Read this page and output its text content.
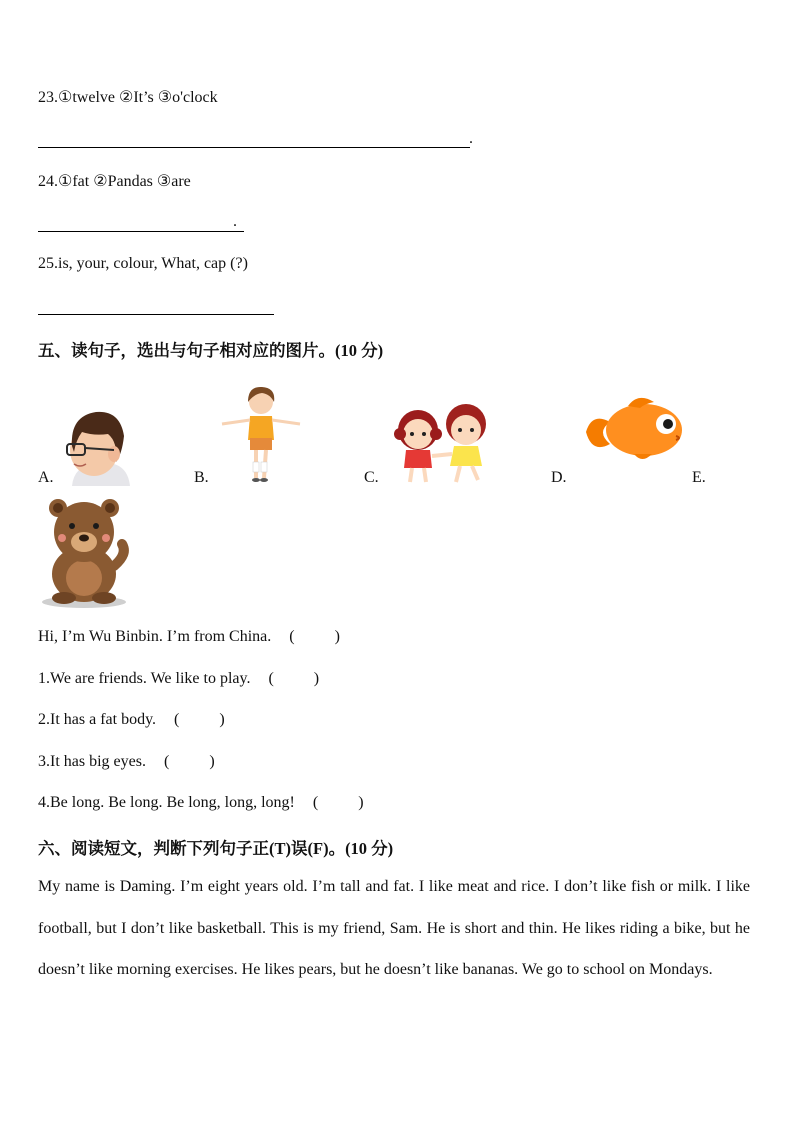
23.①twelve ②It’s ③o'clock
.
24.①fat ②Pandas ③are
.
25.is, your, colour, What, cap (?)
五、读句子，选出与句子相对应的图片。(10 分)
A.	B.	C.	D.	E.
Hi, I’m Wu Binbin. I’m from China. (          )
1.We are friends. We like to play. (          )
2.It has a fat body. (          )
3.It has big eyes. (          )
4.Be long. Be long. Be long, long, long! (          )
六、阅读短文，判断下列句子正(T)误(F)。(10 分)
My name is Daming. I’m eight years old. I’m tall and fat. I like meat and rice. I don’t like fish or milk. I like football, but I don’t like basketball. This is my friend, Sam. He is short and thin. He likes riding a bike, but he doesn’t like morning exercises. He likes pears, but he doesn’t like bananas. We go to school on Mondays.
